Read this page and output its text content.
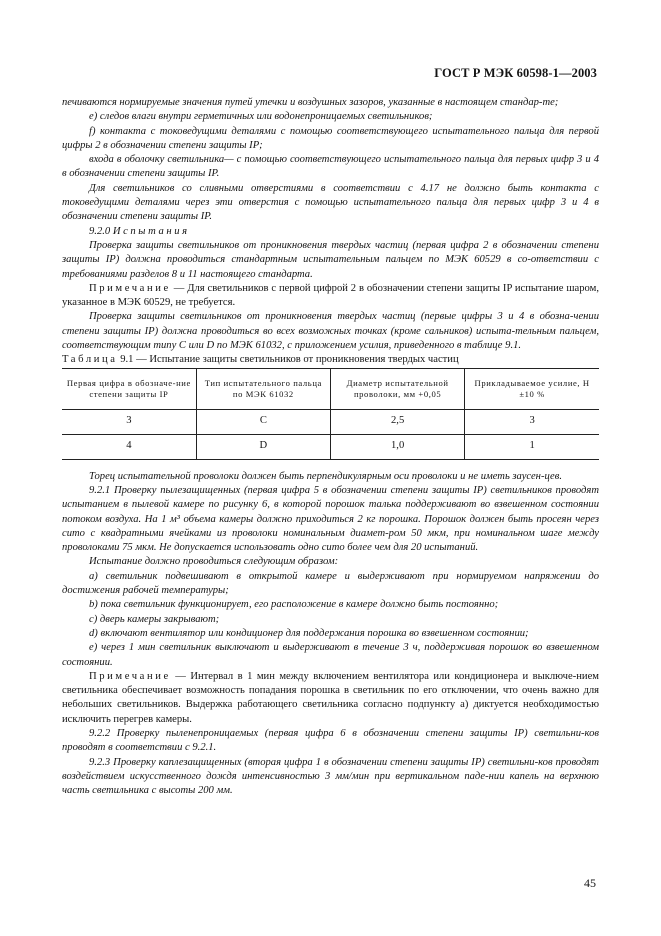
ГОСТ Р МЭК 60598-1—2003

печиваются нормируемые значения путей утечки и воздушных зазоров, указанные в настоящем стандар-те;

е) следов влаги внутри герметичных или водонепроницаемых светильников;

f) контакта с токоведущими деталями с помощью соответствующего испытательного пальца для первой цифры 2 в обозначении степени защиты IP;

входа в оболочку светильника— с помощью соответствующего испытательного пальца для первых цифр 3 и 4 в обозначении степени защиты IP.

Для светильников со сливными отверстиями в соответствии с 4.17 не должно быть контакта с токоведущими деталями через эти отверстия с помощью испытательного пальца для первых цифр 3 и 4 в обозначении степени защиты IP.

9.2.0 Испытания

Проверка защиты светильников от проникновения твердых частиц (первая цифра 2 в обозначении степени защиты IP) должна проводиться стандартным испытательным пальцем по МЭК 60529 в со-ответствии с требованиями разделов 8 и 11 настоящего стандарта.

Примечание — Для светильников с первой цифрой 2 в обозначении степени защиты IP испытание шаром, указанное в МЭК 60529, не требуется.

Проверка защиты светильников от проникновения твердых частиц (первые цифры 3 и 4 в обозна-чении степени защиты IP) должна проводиться во всех возможных точках (кроме сальников) испыта-тельным пальцем, соответствующим типу С или D по МЭК 61032, с приложением усилия, приведенного в таблице 9.1.

Таблица 9.1 — Испытание защиты светильников от проникновения твердых частиц

Первая цифра в обозначе-ние степени защиты IP	Тип испытательного пальца по МЭК 61032	Диаметр испытательной проволоки, мм +0,05	Прикладываемое усилие, Н ±10 %
3	С	2,5	3
4	D	1,0	1

Торец испытательной проволоки должен быть перпендикулярным оси проволоки и не иметь заусен-цев.

9.2.1 Проверку пылезащищенных (первая цифра 5 в обозначении степени защиты IP) светильников проводят испытанием в пылевой камере по рисунку 6, в которой порошок талька поддерживают во взвешенном состоянии потоком воздуха. На 1 м³ объема камеры должно приходиться 2 кг порошка. Порошок должен быть просеян через сито с квадратными ячейками из проволоки номинальным диамет-ром 50 мкм, при номинальном шаге между проволоками 75 мкм. Не допускается использовать одно сито более чем для 20 испытаний.

Испытание должно проводиться следующим образом:

а) светильник подвешивают в открытой камере и выдерживают при нормируемом напряжении до достижения рабочей температуры;

b) пока светильник функционирует, его расположение в камере должно быть постоянно;

с) дверь камеры закрывают;

d) включают вентилятор или кондиционер для поддержания порошка во взвешенном состоянии;

е) через 1 мин светильник выключают и выдерживают в течение 3 ч, поддерживая порошок во взвешенном состоянии.

Примечание — Интервал в 1 мин между включением вентилятора или кондиционера и выключе-нием светильника обеспечивает возможность попадания порошка в светильник по его отключении, что очень важно для небольших светильников. Выдержка работающего светильника согласно подпункту а) диктуется необходимостью исключить перегрев камеры.

9.2.2 Проверку пыленепроницаемых (первая цифра 6 в обозначении степени защиты IP) светильни-ков проводят в соответствии с 9.2.1.

9.2.3 Проверку каплезащищенных (вторая цифра 1 в обозначении степени защиты IP) светильни-ков проводят воздействием искусственного дождя интенсивностью 3 мм/мин при вертикальном паде-нии капель на верхнюю часть светильника с высоты 200 мм.

45
